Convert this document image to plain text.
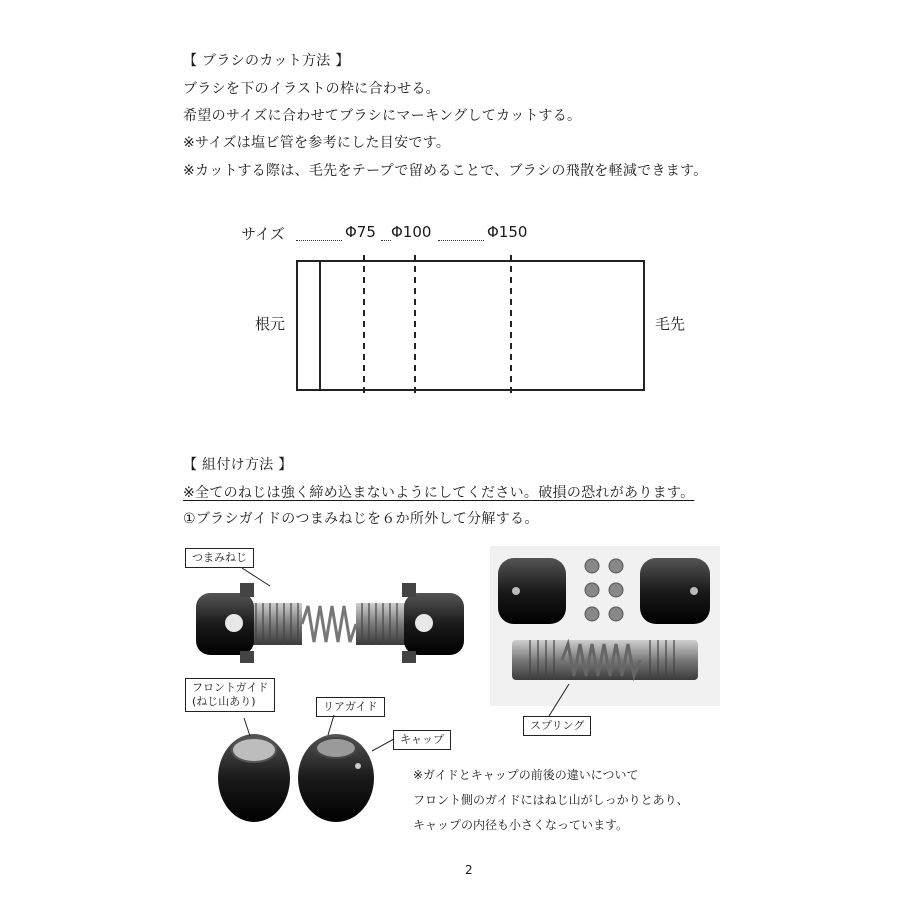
【 ブラシのカット方法 】
ブラシを下のイラストの枠に合わせる。
希望のサイズに合わせてブラシにマーキングしてカットする。
※サイズは塩ビ管を参考にした目安です。
※カットする際は、毛先をテープで留めることで、ブラシの飛散を軽減できます。
サイズ	Φ75 Φ100	Φ150
根元	毛先
【 組付け方法 】
※全てのねじは強く締め込まないようにしてください。破損の恐れがあります。
①ブラシガイドのつまみねじを６か所外して分解する。
つまみねじ
スプリング
フロントガイド
(ねじ山あり)	リアガイド
キャップ
※ガイドとキャップの前後の違いについて
フロント側のガイドにはねじ山がしっかりとあり、
キャップの内径も小さくなっています。
2
